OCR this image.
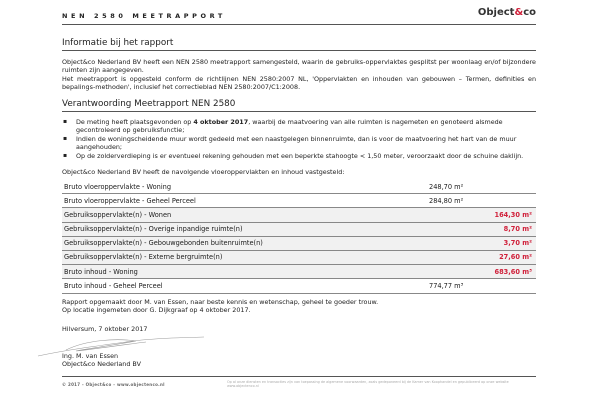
NEN 2580 MEETRAPPORT	Object&co
Informatie bij het rapport
Object&co Nederland BV heeft een NEN 2580 meetrapport samengesteld, waarin de gebruiks-oppervlaktes gesplitst per woonlaag en/of bijzondere ruimten zijn aangegeven.
Het meetrapport is opgesteld conform de richtlijnen NEN 2580:2007 NL, 'Oppervlakten en inhouden van gebouwen – Termen, definities en bepalings-methoden', inclusief het correctieblad NEN 2580:2007/C1:2008.
Verantwoording Meetrapport NEN 2580
▪ De meting heeft plaatsgevonden op 4 oktober 2017, waarbij de maatvoering van alle ruimten is nagemeten en genoteerd alsmede gecontroleerd op gebruiksfunctie;
▪ Indien de woningscheidende muur wordt gedeeld met een naastgelegen binnenruimte, dan is voor de maatvoering het hart van de muur aangehouden;
▪ Op de zolderverdieping is er eventueel rekening gehouden met een beperkte stahoogte < 1,50 meter, veroorzaakt door de schuine daklijn.
Object&co Nederland BV heeft de navolgende vloeroppervlakten en inhoud vastgesteld:
Bruto vloeroppervlakte - Woning	248,70 m²
Bruto vloeroppervlakte - Geheel Perceel	284,80 m²
Gebruiksoppervlakte(n) - Wonen	164,30 m²
Gebruiksoppervlakte(n) - Overige inpandige ruimte(n)	8,70 m²
Gebruiksoppervlakte(n) - Gebouwgebonden buitenruimte(n)	3,70 m²
Gebruiksoppervlakte(n) - Externe bergruimte(n)	27,60 m²
Bruto inhoud - Woning	683,60 m³
Bruto inhoud - Geheel Perceel	774,77 m³
Rapport opgemaakt door M. van Essen, naar beste kennis en wetenschap, geheel te goeder trouw.
Op locatie ingemeten door G. Dijkgraaf op 4 oktober 2017.
Hilversum, 7 oktober 2017
Ing. M. van Essen
Object&co Nederland BV
© 2017 - Object&co - www.objectenco.nl	Op al onze diensten en transacties zijn van toepassing de algemene voorwaarden, zoals gedeponeerd bij de Kamer van Koophandel en gepubliceerd op onze website www.objectenco.nl
